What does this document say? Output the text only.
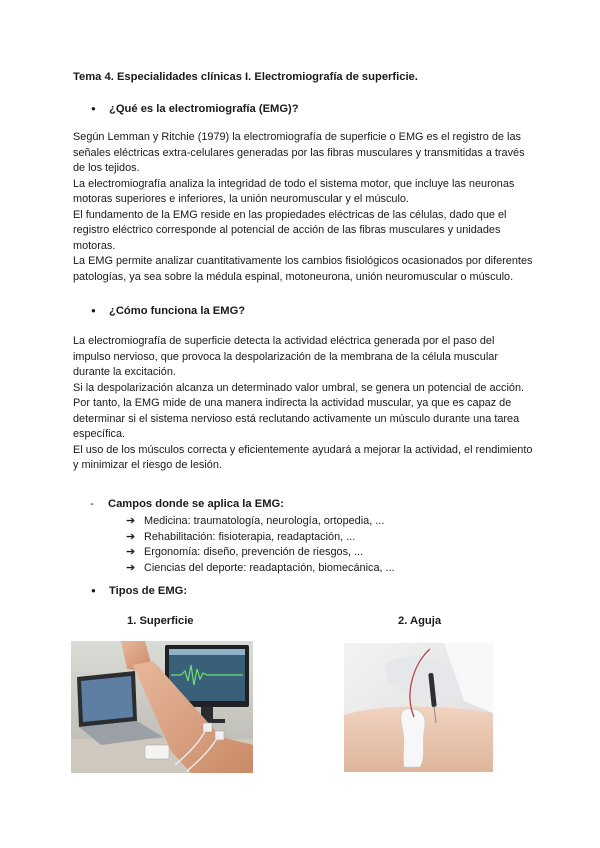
Tema 4. Especialidades clínicas I. Electromiografía de superficie.
● ¿Qué es la electromiografía (EMG)?

Según Lemman y Ritchie (1979) la electromiografía de superficie o EMG es el registro de las señales eléctricas extra-celulares generadas por las fibras musculares y transmitidas a través de los tejidos.

La electromiografía analiza la integridad de todo el sistema motor, que incluye las neuronas motoras superiores e inferiores, la unión neuromuscular y el músculo.

El fundamento de la EMG reside en las propiedades eléctricas de las células, dado que el registro eléctrico corresponde al potencial de acción de las fibras musculares y unidades motoras.

La EMG permite analizar cuantitativamente los cambios fisiológicos ocasionados por diferentes patologías, ya sea sobre la médula espinal, motoneurona, unión neuromuscular o músculo.

● ¿Cómo funciona la EMG?

La electromiografía de superficie detecta la actividad eléctrica generada por el paso del impulso nervioso, que provoca la despolarización de la membrana de la célula muscular durante la excitación.

Si la despolarización alcanza un determinado valor umbral, se genera un potencial de acción.

Por tanto, la EMG mide de una manera indirecta la actividad muscular, ya que es capaz de determinar si el sistema nervioso está reclutando activamente un músculo durante una tarea específica.

El uso de los músculos correcta y eficientemente ayudará a mejorar la actividad, el rendimiento y minimizar el riesgo de lesión.

- Campos donde se aplica la EMG:
➔ Medicina: traumatología, neurología, ortopedia, ...
➔ Rehabilitación: fisioterapia, readaptación, ...
➔ Ergonomía: diseño, prevención de riesgos, ...
➔ Ciencias del deporte: readaptación, biomecánica, ...
● Tipos de EMG:
1. Superficie	2. Aguja
